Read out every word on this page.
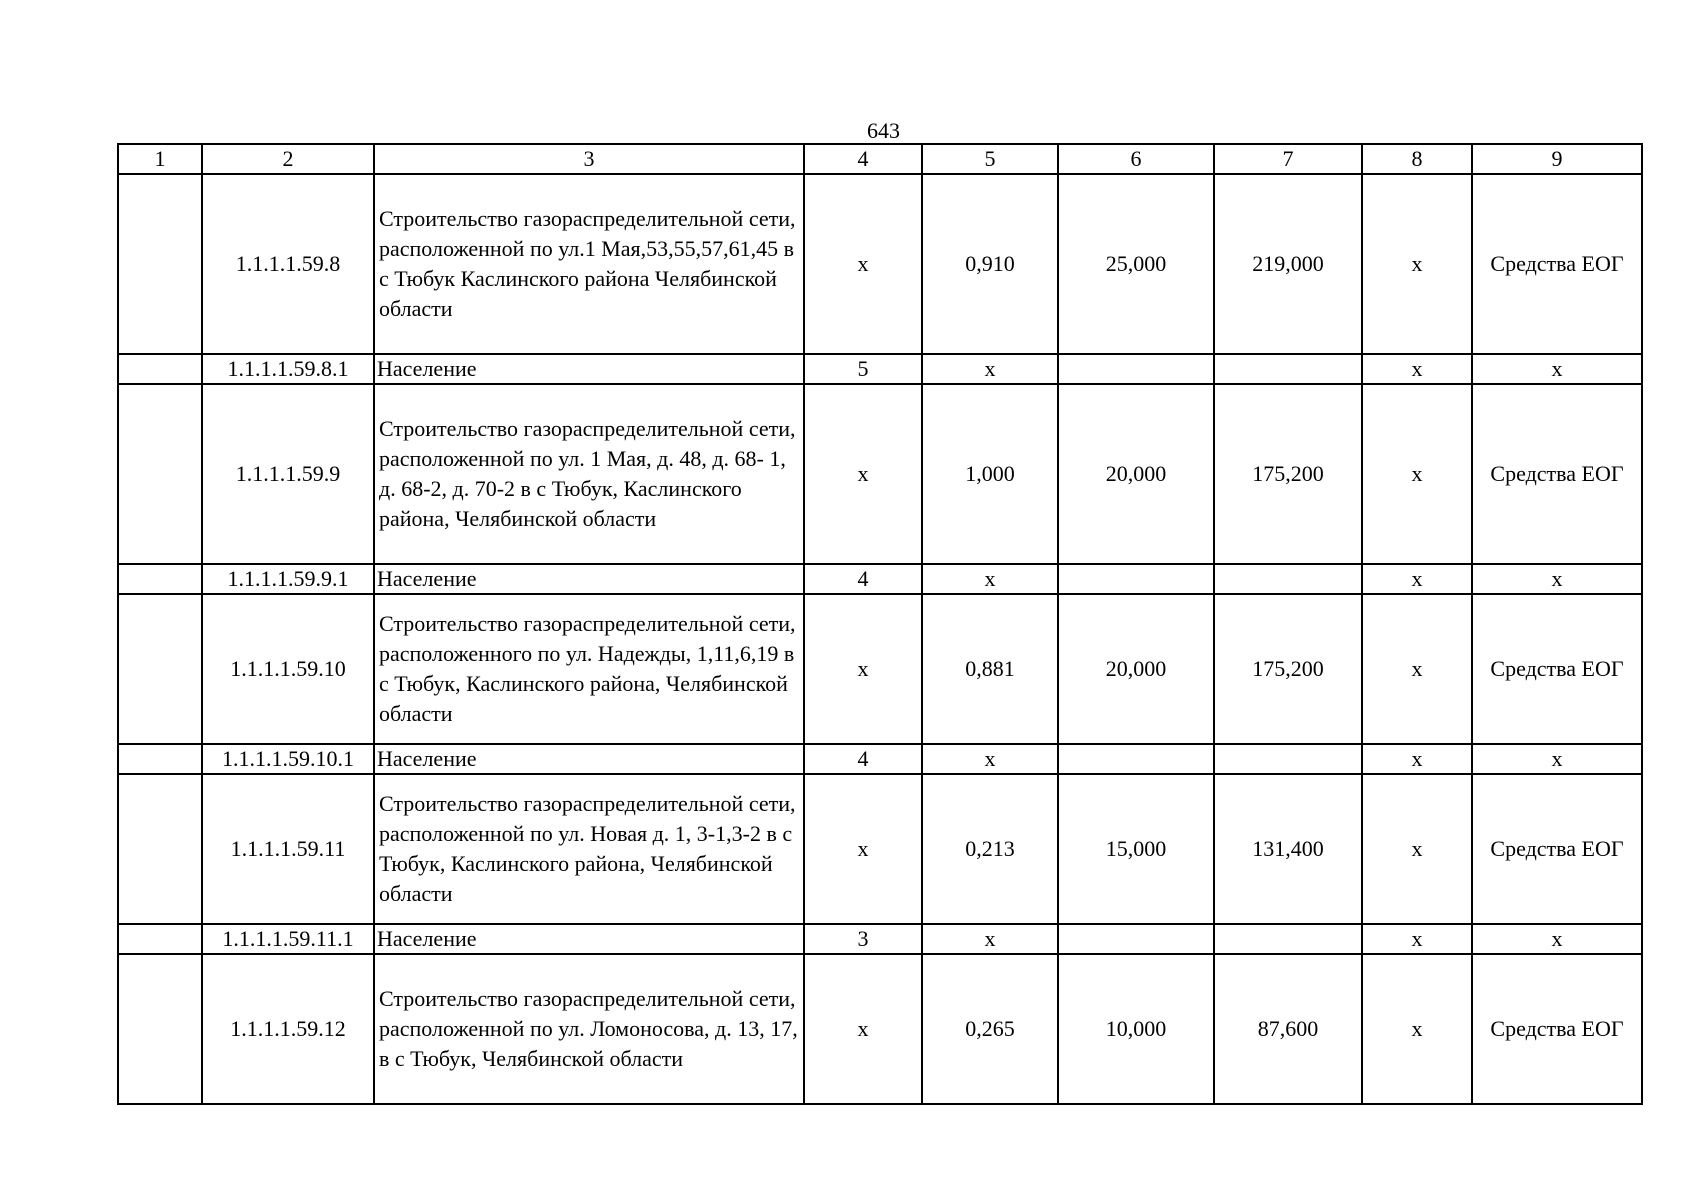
643
1	2	3	4	5	6	7	8	9
	1.1.1.1.59.8	Строительство газораспределительной сети, расположенной по ул.1 Мая,53,55,57,61,45 в с Тюбук Каслинского района Челябинской области	х	0,910	25,000	219,000	х	Средства ЕОГ
	1.1.1.1.59.8.1	Население	5	х			х	х
	1.1.1.1.59.9	Строительство газораспределительной сети, расположенной по ул. 1 Мая, д. 48, д. 68- 1, д. 68-2, д. 70-2 в с Тюбук, Каслинского района, Челябинской области	х	1,000	20,000	175,200	х	Средства ЕОГ
	1.1.1.1.59.9.1	Население	4	х			х	х
	1.1.1.1.59.10	Строительство газораспределительной сети, расположенного по ул. Надежды, 1,11,6,19 в с Тюбук, Каслинского района, Челябинской области	х	0,881	20,000	175,200	х	Средства ЕОГ
	1.1.1.1.59.10.1	Население	4	х			х	х
	1.1.1.1.59.11	Строительство газораспределительной сети, расположенной по ул. Новая д. 1, 3-1,3-2 в с Тюбук, Каслинского района, Челябинской области	х	0,213	15,000	131,400	х	Средства ЕОГ
	1.1.1.1.59.11.1	Население	3	х			х	х
	1.1.1.1.59.12	Строительство газораспределительной сети, расположенной по ул. Ломоносова, д. 13, 17, в с Тюбук, Челябинской области	х	0,265	10,000	87,600	х	Средства ЕОГ
